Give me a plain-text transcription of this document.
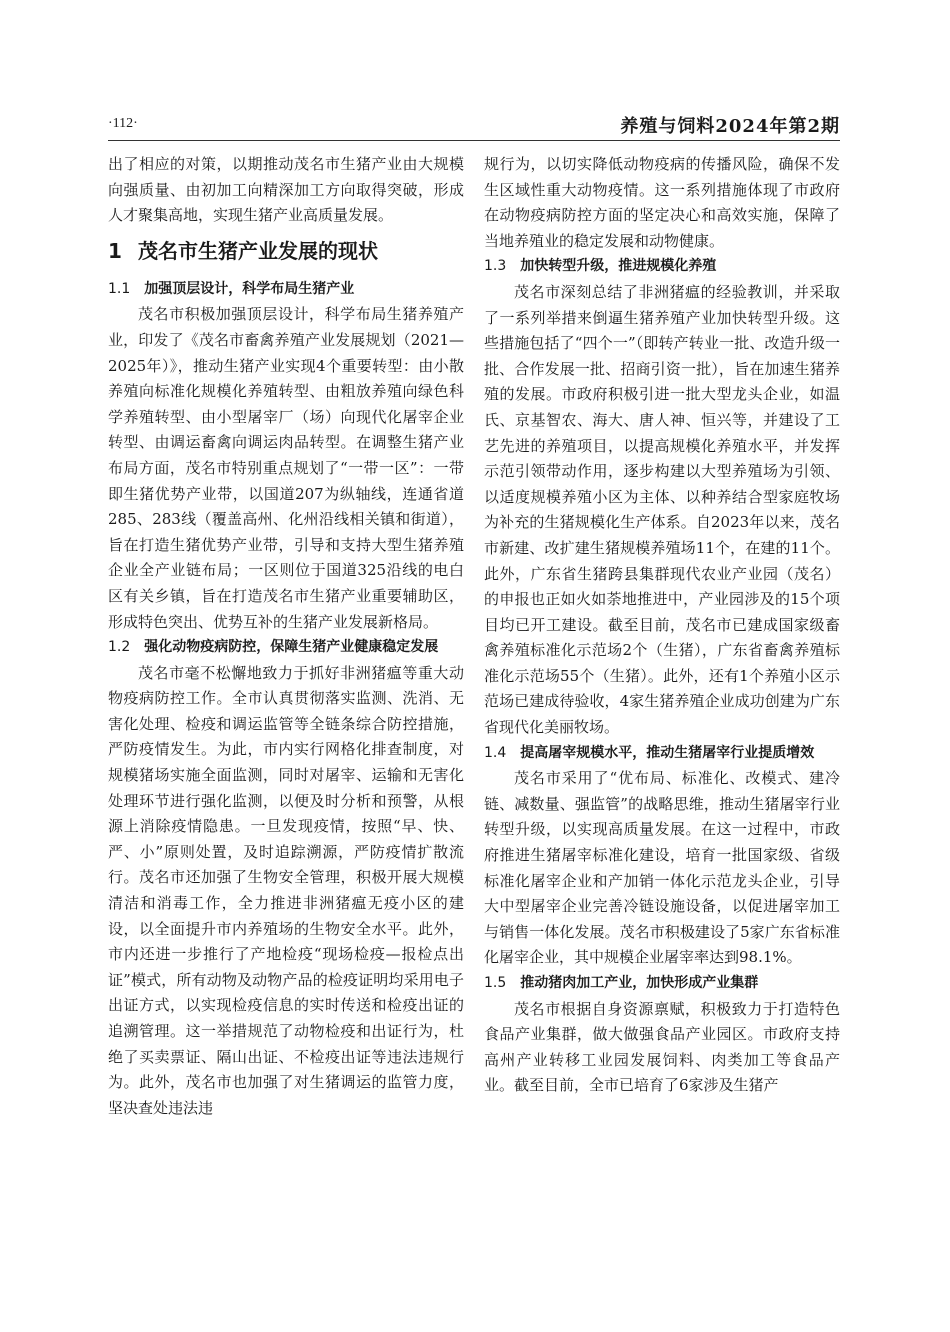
·112·	养殖与饲料2024年第2期

出了相应的对策，以期推动茂名市生猪产业由大规模向强质量、由初加工向精深加工方向取得突破，形成人才聚集高地，实现生猪产业高质量发展。

1 茂名市生猪产业发展的现状
1.1 加强顶层设计，科学布局生猪产业

茂名市积极加强顶层设计，科学布局生猪养殖产业，印发了《茂名市畜禽养殖产业发展规划（2021—2025年）》，推动生猪产业实现4个重要转型：由小散养殖向标准化规模化养殖转型、由粗放养殖向绿色科学养殖转型、由小型屠宰厂（场）向现代化屠宰企业转型、由调运畜禽向调运肉品转型。在调整生猪产业布局方面，茂名市特别重点规划了“一带一区”：一带即生猪优势产业带，以国道207为纵轴线，连通省道285、283线（覆盖高州、化州沿线相关镇和街道），旨在打造生猪优势产业带，引导和支持大型生猪养殖企业全产业链布局；一区则位于国道325沿线的电白区有关乡镇，旨在打造茂名市生猪产业重要辅助区，形成特色突出、优势互补的生猪产业发展新格局。

1.2 强化动物疫病防控，保障生猪产业健康稳定发展

茂名市毫不松懈地致力于抓好非洲猪瘟等重大动物疫病防控工作。全市认真贯彻落实监测、洗消、无害化处理、检疫和调运监管等全链条综合防控措施，严防疫情发生。为此，市内实行网格化排查制度，对规模猪场实施全面监测，同时对屠宰、运输和无害化处理环节进行强化监测，以便及时分析和预警，从根源上消除疫情隐患。一旦发现疫情，按照“早、快、严、小”原则处置，及时追踪溯源，严防疫情扩散流行。茂名市还加强了生物安全管理，积极开展大规模清洁和消毒工作，全力推进非洲猪瘟无疫小区的建设，以全面提升市内养殖场的生物安全水平。此外，市内还进一步推行了产地检疫“现场检疫—报检点出证”模式，所有动物及动物产品的检疫证明均采用电子出证方式，以实现检疫信息的实时传送和检疫出证的追溯管理。这一举措规范了动物检疫和出证行为，杜绝了买卖票证、隔山出证、不检疫出证等违法违规行为。此外，茂名市也加强了对生猪调运的监管力度，坚决查处违法违

规行为，以切实降低动物疫病的传播风险，确保不发生区域性重大动物疫情。这一系列措施体现了市政府在动物疫病防控方面的坚定决心和高效实施，保障了当地养殖业的稳定发展和动物健康。

1.3 加快转型升级，推进规模化养殖

茂名市深刻总结了非洲猪瘟的经验教训，并采取了一系列举措来倒逼生猪养殖产业加快转型升级。这些措施包括了“四个一”（即转产转业一批、改造升级一批、合作发展一批、招商引资一批），旨在加速生猪养殖的发展。市政府积极引进一批大型龙头企业，如温氏、京基智农、海大、唐人神、恒兴等，并建设了工艺先进的养殖项目，以提高规模化养殖水平，并发挥示范引领带动作用，逐步构建以大型养殖场为引领、以适度规模养殖小区为主体、以种养结合型家庭牧场为补充的生猪规模化生产体系。自2023年以来，茂名市新建、改扩建生猪规模养殖场11个，在建的11个。此外，广东省生猪跨县集群现代农业产业园（茂名）的申报也正如火如荼地推进中，产业园涉及的15个项目均已开工建设。截至目前，茂名市已建成国家级畜禽养殖标准化示范场2个（生猪），广东省畜禽养殖标准化示范场55个（生猪）。此外，还有1个养殖小区示范场已建成待验收，4家生猪养殖企业成功创建为广东省现代化美丽牧场。

1.4 提高屠宰规模水平，推动生猪屠宰行业提质增效

茂名市采用了“优布局、标准化、改模式、建冷链、减数量、强监管”的战略思维，推动生猪屠宰行业转型升级，以实现高质量发展。在这一过程中，市政府推进生猪屠宰标准化建设，培育一批国家级、省级标准化屠宰企业和产加销一体化示范龙头企业，引导大中型屠宰企业完善冷链设施设备，以促进屠宰加工与销售一体化发展。茂名市积极建设了5家广东省标准化屠宰企业，其中规模企业屠宰率达到98.1%。

1.5 推动猪肉加工产业，加快形成产业集群

茂名市根据自身资源禀赋，积极致力于打造特色食品产业集群，做大做强食品产业园区。市政府支持高州产业转移工业园发展饲料、肉类加工等食品产业。截至目前，全市已培育了6家涉及生猪产
